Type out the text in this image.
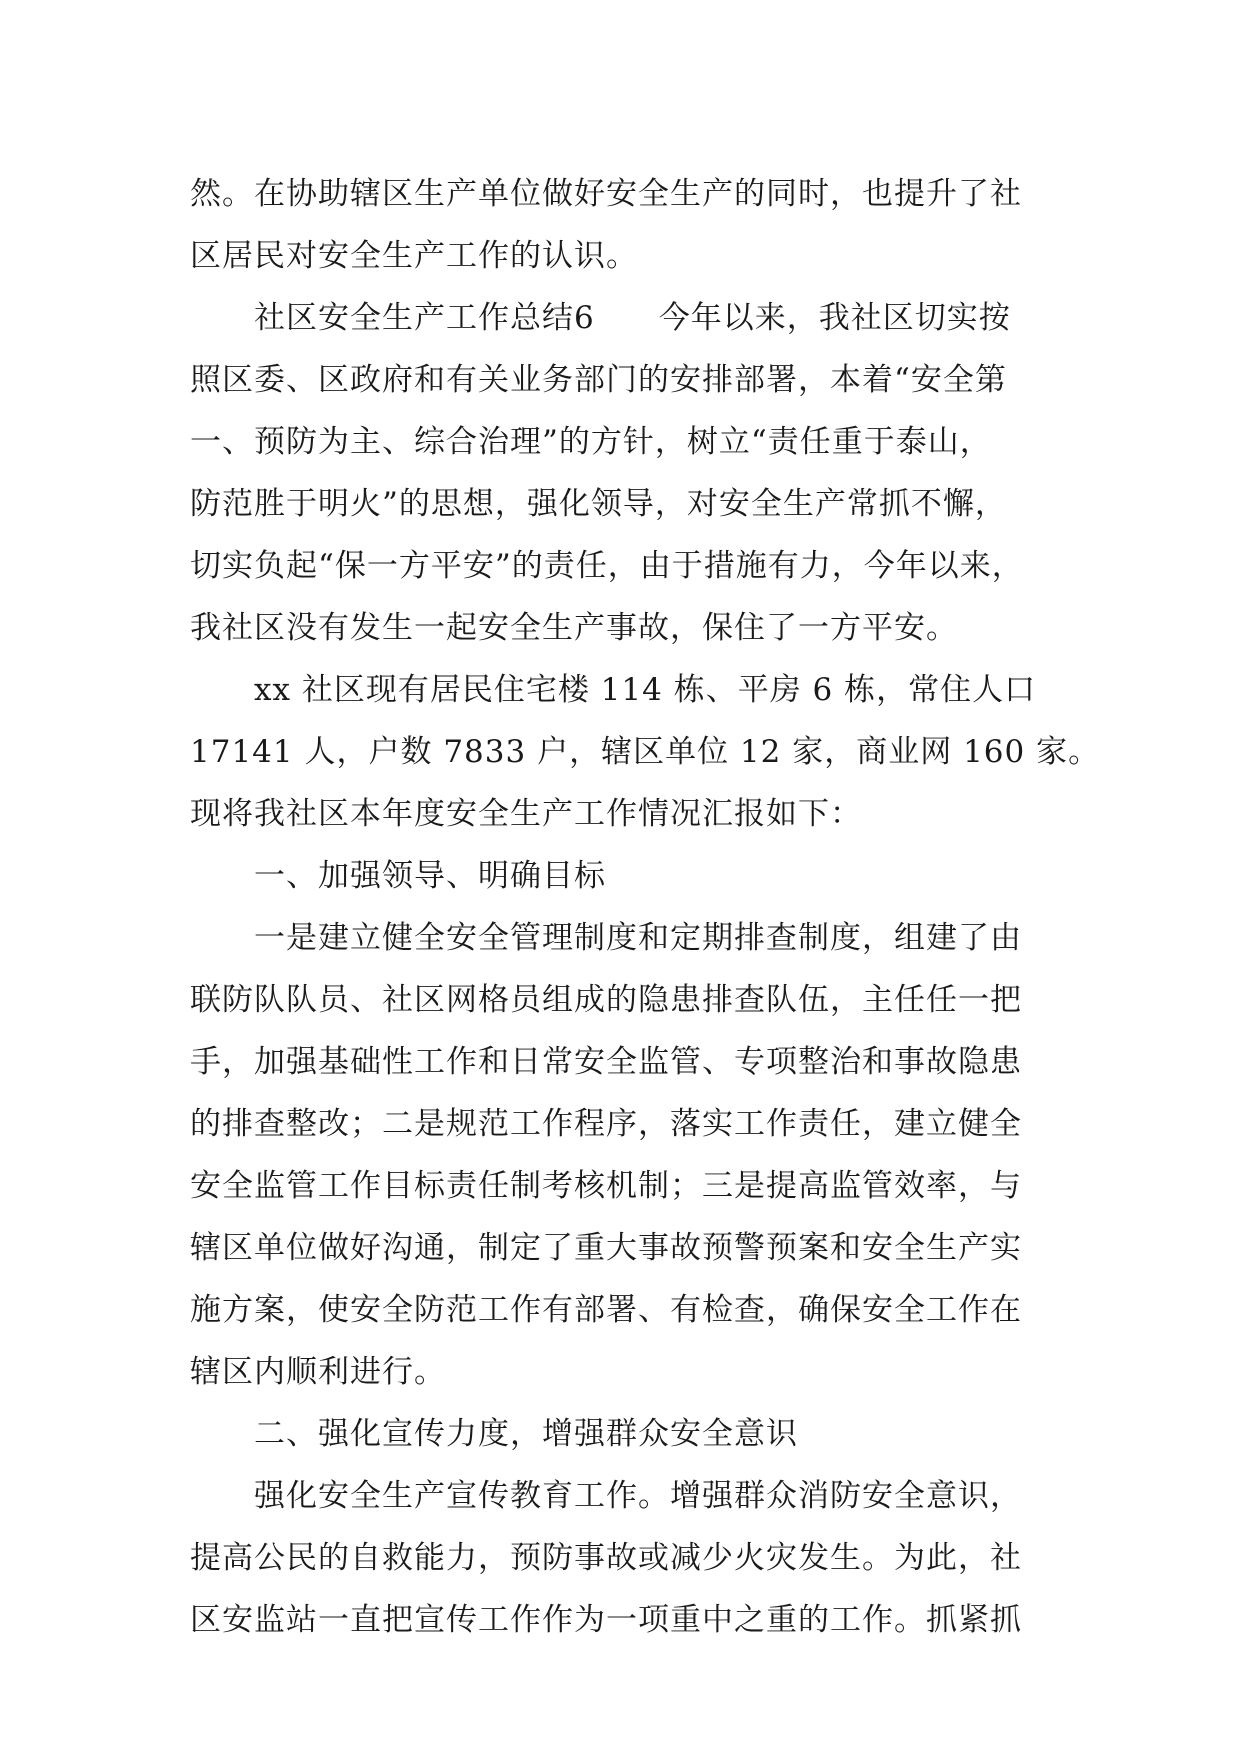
然。在协助辖区生产单位做好安全生产的同时，也提升了社
区居民对安全生产工作的认识。
社区安全生产工作总结6　　今年以来，我社区切实按
照区委、区政府和有关业务部门的安排部署，本着“安全第
一、预防为主、综合治理”的方针，树立“责任重于泰山，
防范胜于明火”的思想，强化领导，对安全生产常抓不懈，
切实负起“保一方平安”的责任，由于措施有力，今年以来，
我社区没有发生一起安全生产事故，保住了一方平安。
xx 社区现有居民住宅楼 114 栋、平房 6 栋，常住人口
17141 人，户数 7833 户，辖区单位 12 家，商业网 160 家。
现将我社区本年度安全生产工作情况汇报如下：
一、加强领导、明确目标
一是建立健全安全管理制度和定期排查制度，组建了由
联防队队员、社区网格员组成的隐患排查队伍，主任任一把
手，加强基础性工作和日常安全监管、专项整治和事故隐患
的排查整改；二是规范工作程序，落实工作责任，建立健全
安全监管工作目标责任制考核机制；三是提高监管效率，与
辖区单位做好沟通，制定了重大事故预警预案和安全生产实
施方案，使安全防范工作有部署、有检查，确保安全工作在
辖区内顺利进行。
二、强化宣传力度，增强群众安全意识
强化安全生产宣传教育工作。增强群众消防安全意识，
提高公民的自救能力，预防事故或减少火灾发生。为此，社
区安监站一直把宣传工作作为一项重中之重的工作。抓紧抓
